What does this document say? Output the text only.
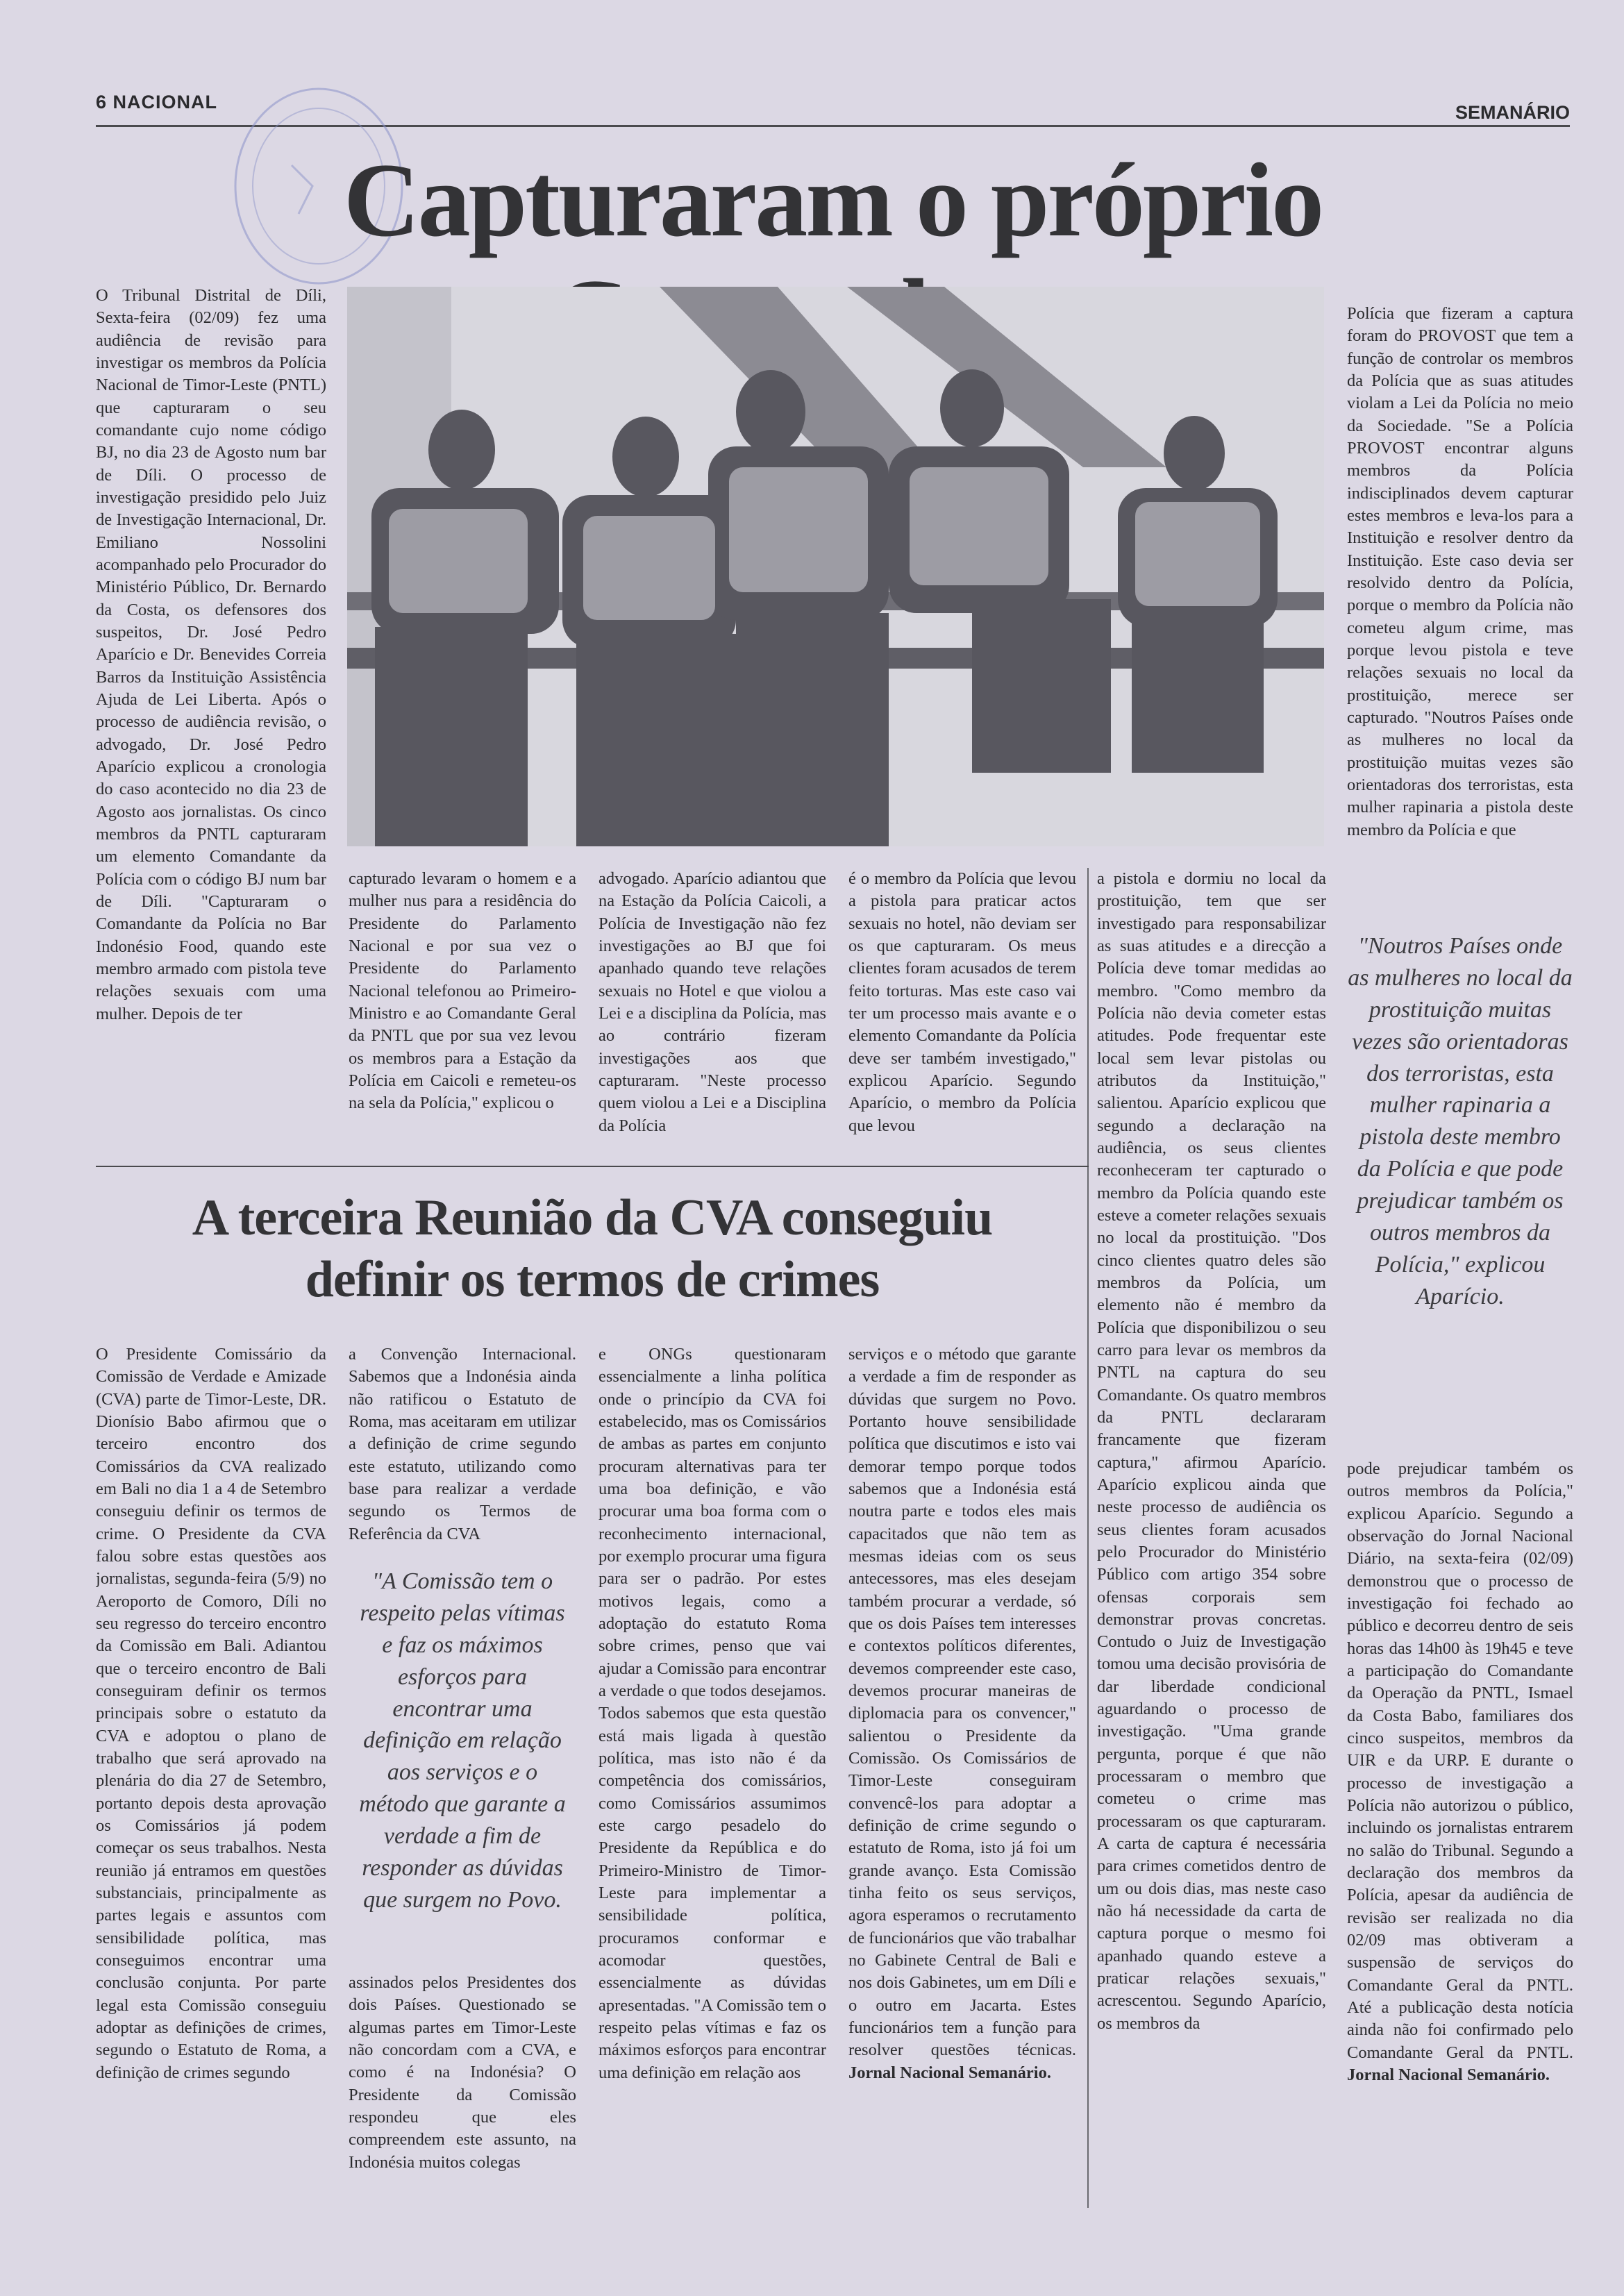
6 NACIONAL	SEMANÁRIO
Capturaram o próprio

O Tribunal Distrital de Díli, Sexta-feira (02/09) fez uma audiência de revisão para investigar os membros da Polícia Nacional de Timor-Leste (PNTL) que capturaram o seu comandante cujo nome código BJ, no dia 23 de Agosto num bar de Díli. O processo de investigação presidido pelo Juiz de Investigação Internacional, Dr. Emiliano Nossolini acompanhado pelo Procurador do Ministério Público, Dr. Bernardo da Costa, os defensores dos suspeitos, Dr. José Pedro Aparício e Dr. Benevides Correia Barros da Instituição Assistência Ajuda de Lei Liberta. Após o processo de audiência revisão, o advogado, Dr. José Pedro Aparício explicou a cronologia do caso acontecido no dia 23 de Agosto aos jornalistas. Os cinco membros da PNTL capturaram um elemento Comandante da Polícia com o código BJ num bar de Díli. "Capturaram o Comandante da Polícia no Bar Indonésio Food, quando este membro armado com pistola teve relações sexuais com uma mulher. Depois de ter

capturado levaram o homem e a mulher nus para a residência do Presidente do Parlamento Nacional e por sua vez o Presidente do Parlamento Nacional telefonou ao Primeiro-Ministro e ao Comandante Geral da PNTL que por sua vez levou os membros para a Estação da Polícia em Caicoli e remeteu-os na sela da Polícia," explicou o

advogado. Aparício adiantou que na Estação da Polícia Caicoli, a Polícia de Investigação não fez investigações ao BJ que foi apanhado quando teve relações sexuais no Hotel e que violou a Lei e a disciplina da Polícia, mas ao contrário fizeram investigações aos que capturaram. "Neste processo quem violou a Lei e a Disciplina da Polícia

é o membro da Polícia que levou a pistola para praticar actos sexuais no hotel, não deviam ser os que capturaram. Os meus clientes foram acusados de terem feito torturas. Mas este caso vai ter um processo mais avante e o elemento Comandante da Polícia deve ser também investigado," explicou Aparício. Segundo Aparício, o membro da Polícia que levou

a pistola e dormiu no local da prostituição, tem que ser investigado para responsabilizar as suas atitudes e a direcção a Polícia deve tomar medidas ao membro. "Como membro da Polícia não devia cometer estas atitudes. Pode frequentar este local sem levar pistolas ou atributos da Instituição," salientou. Aparício explicou que segundo a declaração na audiência, os seus clientes reconheceram ter capturado o membro da Polícia quando este esteve a cometer relações sexuais no local da prostituição. "Dos cinco clientes quatro deles são membros da Polícia, um elemento não é membro da Polícia que disponibilizou o seu carro para levar os membros da PNTL na captura do seu Comandante. Os quatro membros da PNTL declararam francamente que fizeram captura," afirmou Aparício. Aparício explicou ainda que neste processo de audiência os seus clientes foram acusados pelo Procurador do Ministério Público com artigo 354 sobre ofensas corporais sem demonstrar provas concretas. Contudo o Juiz de Investigação tomou uma decisão provisória de dar liberdade condicional aguardando o processo de investigação. "Uma grande pergunta, porque é que não processaram o membro que cometeu o crime mas processaram os que capturaram. A carta de captura é necessária para crimes cometidos dentro de um ou dois dias, mas neste caso não há necessidade da carta de captura porque o mesmo foi apanhado quando esteve a praticar relações sexuais," acrescentou. Segundo Aparício, os membros da

Polícia que fizeram a captura foram do PROVOST que tem a função de controlar os membros da Polícia que as suas atitudes violam a Lei da Polícia no meio da Sociedade. "Se a Polícia PROVOST encontrar alguns membros da Polícia indisciplinados devem capturar estes membros e leva-los para a Instituição e resolver dentro da Instituição. Este caso devia ser resolvido dentro da Polícia, porque o membro da Polícia não cometeu algum crime, mas porque levou pistola e teve relações sexuais no local da prostituição, merece ser capturado. "Noutros Países onde as mulheres no local da prostituição muitas vezes são orientadoras dos terroristas, esta mulher rapinaria a pistola deste membro da Polícia e que

"Noutros Países onde as mulheres no local da prostituição muitas vezes são orientadoras dos terroristas, esta mulher rapinaria a pistola deste membro da Polícia e que pode prejudicar também os outros membros da Polícia," explicou Aparício.

pode prejudicar também os outros membros da Polícia," explicou Aparício. Segundo a observação do Jornal Nacional Diário, na sexta-feira (02/09) demonstrou que o processo de investigação foi fechado ao público e decorreu dentro de seis horas das 14h00 às 19h45 e teve a participação do Comandante da Operação da PNTL, Ismael da Costa Babo, familiares dos cinco suspeitos, membros da UIR e da URP. E durante o processo de investigação a Polícia não autorizou o público, incluindo os jornalistas entrarem no salão do Tribunal. Segundo a declaração dos membros da Polícia, apesar da audiência de revisão ser realizada no dia 02/09 mas obtiveram a suspensão de serviços do Comandante Geral da PNTL. Até a publicação desta notícia ainda não foi confirmado pelo Comandante Geral da PNTL. Jornal Nacional Semanário.

A terceira Reunião da CVA conseguiu
definir os termos de crimes

O Presidente Comissário da Comissão de Verdade e Amizade (CVA) parte de Timor-Leste, DR. Dionísio Babo afirmou que o terceiro encontro dos Comissários da CVA realizado em Bali no dia 1 a 4 de Setembro conseguiu definir os termos de crime. O Presidente da CVA falou sobre estas questões aos jornalistas, segunda-feira (5/9) no Aeroporto de Comoro, Díli no seu regresso do terceiro encontro da Comissão em Bali. Adiantou que o terceiro encontro de Bali conseguiram definir os termos principais sobre o estatuto da CVA e adoptou o plano de trabalho que será aprovado na plenária do dia 27 de Setembro, portanto depois desta aprovação os Comissários já podem começar os seus trabalhos. Nesta reunião já entramos em questões substanciais, principalmente as partes legais e assuntos com sensibilidade política, mas conseguimos encontrar uma conclusão conjunta. Por parte legal esta Comissão conseguiu adoptar as definições de crimes, segundo o Estatuto de Roma, a definição de crimes segundo

a Convenção Internacional. Sabemos que a Indonésia ainda não ratificou o Estatuto de Roma, mas aceitaram em utilizar a definição de crime segundo este estatuto, utilizando como base para realizar a verdade segundo os Termos de Referência da CVA

"A Comissão tem o respeito pelas vítimas e faz os máximos esforços para encontrar uma definição em relação aos serviços e o método que garante a verdade a fim de responder as dúvidas que surgem no Povo.

assinados pelos Presidentes dos dois Países. Questionado se algumas partes em Timor-Leste não concordam com a CVA, e como é na Indonésia? O Presidente da Comissão respondeu que eles compreendem este assunto, na Indonésia muitos colegas

e ONGs questionaram essencialmente a linha política onde o princípio da CVA foi estabelecido, mas os Comissários de ambas as partes em conjunto procuram alternativas para ter uma boa definição, e vão procurar uma boa forma com o reconhecimento internacional, por exemplo procurar uma figura para ser o padrão. Por estes motivos legais, como a adoptação do estatuto Roma sobre crimes, penso que vai ajudar a Comissão para encontrar a verdade o que todos desejamos. Todos sabemos que esta questão está mais ligada à questão política, mas isto não é da competência dos comissários, como Comissários assumimos este cargo pesadelo do Presidente da República e do Primeiro-Ministro de Timor-Leste para implementar a sensibilidade política, procuramos conformar e acomodar questões, essencialmente as dúvidas apresentadas. "A Comissão tem o respeito pelas vítimas e faz os máximos esforços para encontrar uma definição em relação aos

serviços e o método que garante a verdade a fim de responder as dúvidas que surgem no Povo. Portanto houve sensibilidade política que discutimos e isto vai demorar tempo porque todos sabemos que a Indonésia está noutra parte e todos eles mais capacitados que não tem as mesmas ideias com os seus antecessores, mas eles desejam também procurar a verdade, só que os dois Países tem interesses e contextos políticos diferentes, devemos compreender este caso, devemos procurar maneiras de diplomacia para os convencer," salientou o Presidente da Comissão. Os Comissários de Timor-Leste conseguiram convencê-los para adoptar a definição de crime segundo o estatuto de Roma, isto já foi um grande avanço. Esta Comissão tinha feito os seus serviços, agora esperamos o recrutamento de funcionários que vão trabalhar no Gabinete Central de Bali e nos dois Gabinetes, um em Díli e o outro em Jacarta. Estes funcionários tem a função para resolver questões técnicas. Jornal Nacional Semanário.
